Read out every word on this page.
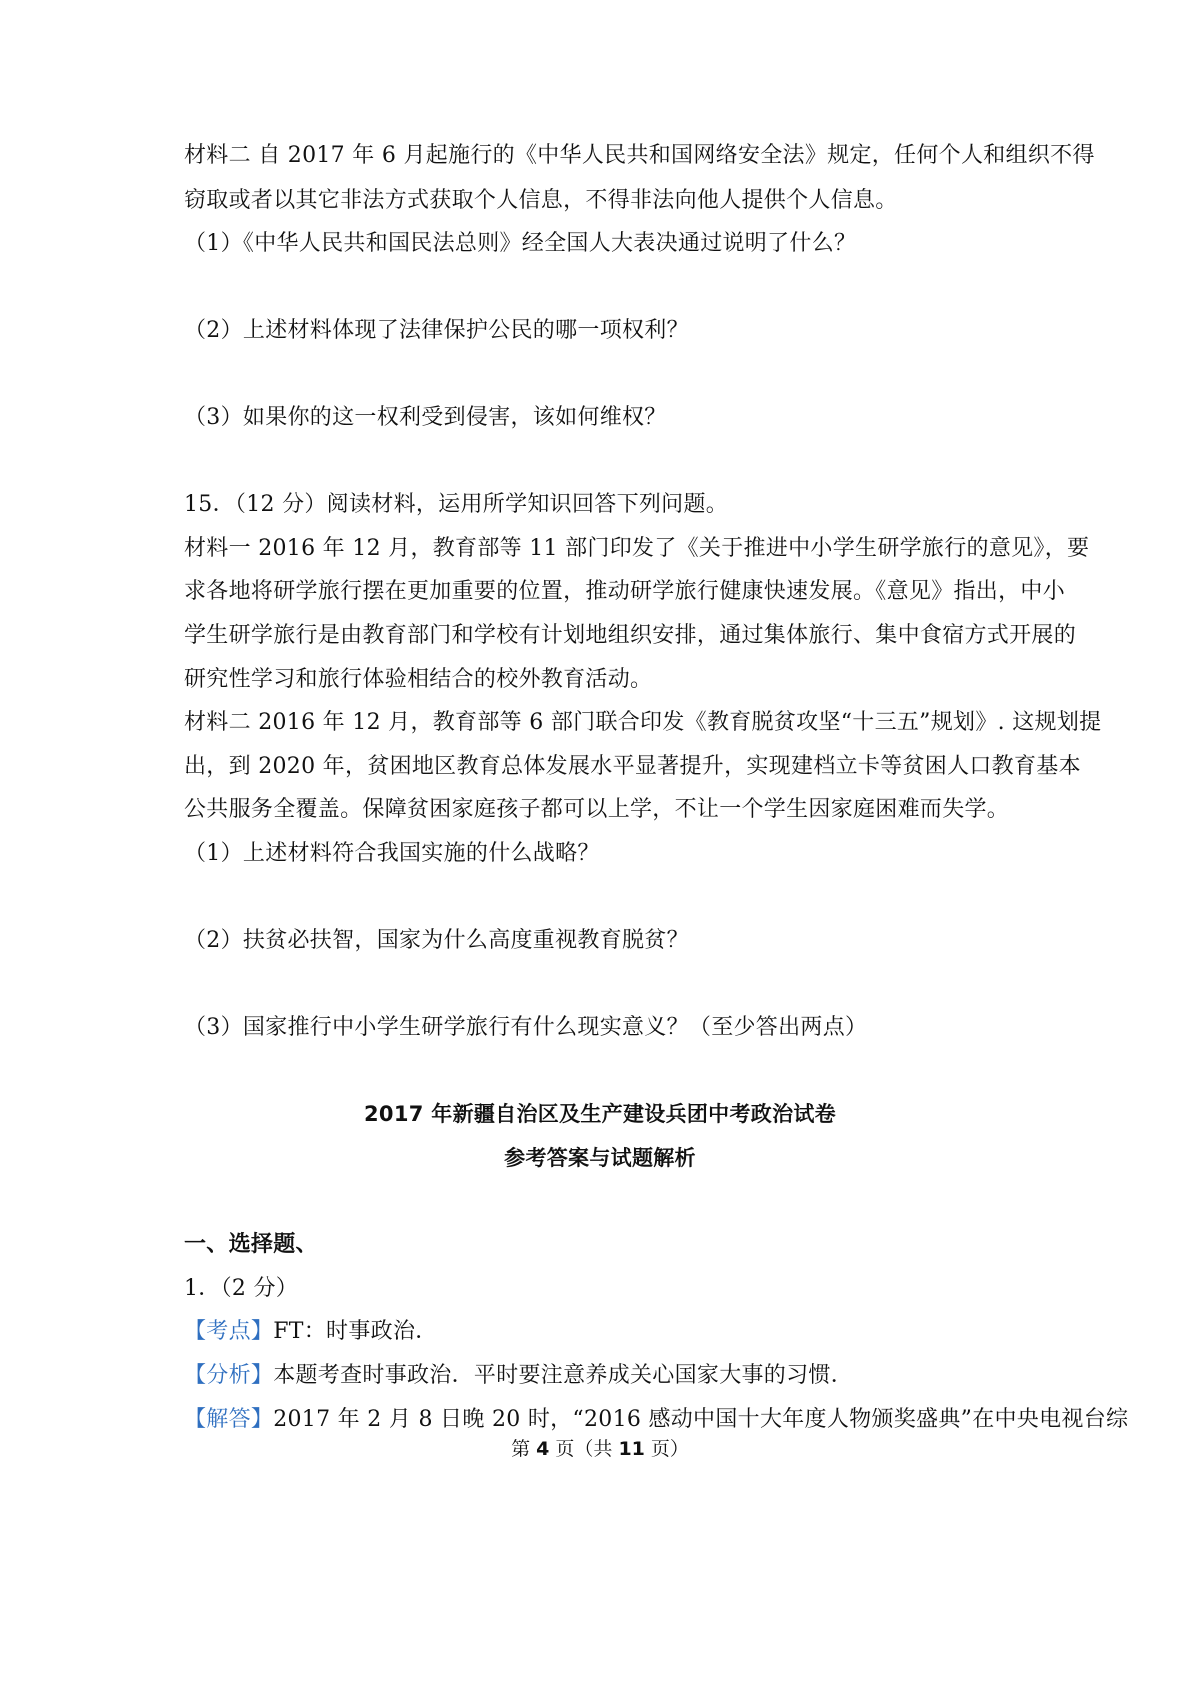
材料二 自 2017 年 6 月起施行的《中华人民共和国网络安全法》规定，任何个人和组织不得
窃取或者以其它非法方式获取个人信息，不得非法向他人提供个人信息。
（1）《中华人民共和国民法总则》经全国人大表决通过说明了什么？
（2）上述材料体现了法律保护公民的哪一项权利？
（3）如果你的这一权利受到侵害，该如何维权？
15．（12 分）阅读材料，运用所学知识回答下列问题。
材料一 2016 年 12 月，教育部等 11 部门印发了《关于推进中小学生研学旅行的意见》，要
求各地将研学旅行摆在更加重要的位置，推动研学旅行健康快速发展。《意见》指出，中小
学生研学旅行是由教育部门和学校有计划地组织安排，通过集体旅行、集中食宿方式开展的
研究性学习和旅行体验相结合的校外教育活动。
材料二 2016 年 12 月，教育部等 6 部门联合印发《教育脱贫攻坚“十三五”规划》. 这规划提
出，到 2020 年，贫困地区教育总体发展水平显著提升，实现建档立卡等贫困人口教育基本
公共服务全覆盖。保障贫困家庭孩子都可以上学，不让一个学生因家庭困难而失学。
（1）上述材料符合我国实施的什么战略？
（2）扶贫必扶智，国家为什么高度重视教育脱贫？
（3）国家推行中小学生研学旅行有什么现实意义？（至少答出两点）
2017 年新疆自治区及生产建设兵团中考政治试卷
参考答案与试题解析
一、选择题、
1．（2 分）
【考点】FT：时事政治．
【分析】本题考查时事政治．平时要注意养成关心国家大事的习惯．
【解答】2017 年 2 月 8 日晚 20 时，“2016 感动中国十大年度人物颁奖盛典”在中央电视台综
第 4 页（共 11 页）
